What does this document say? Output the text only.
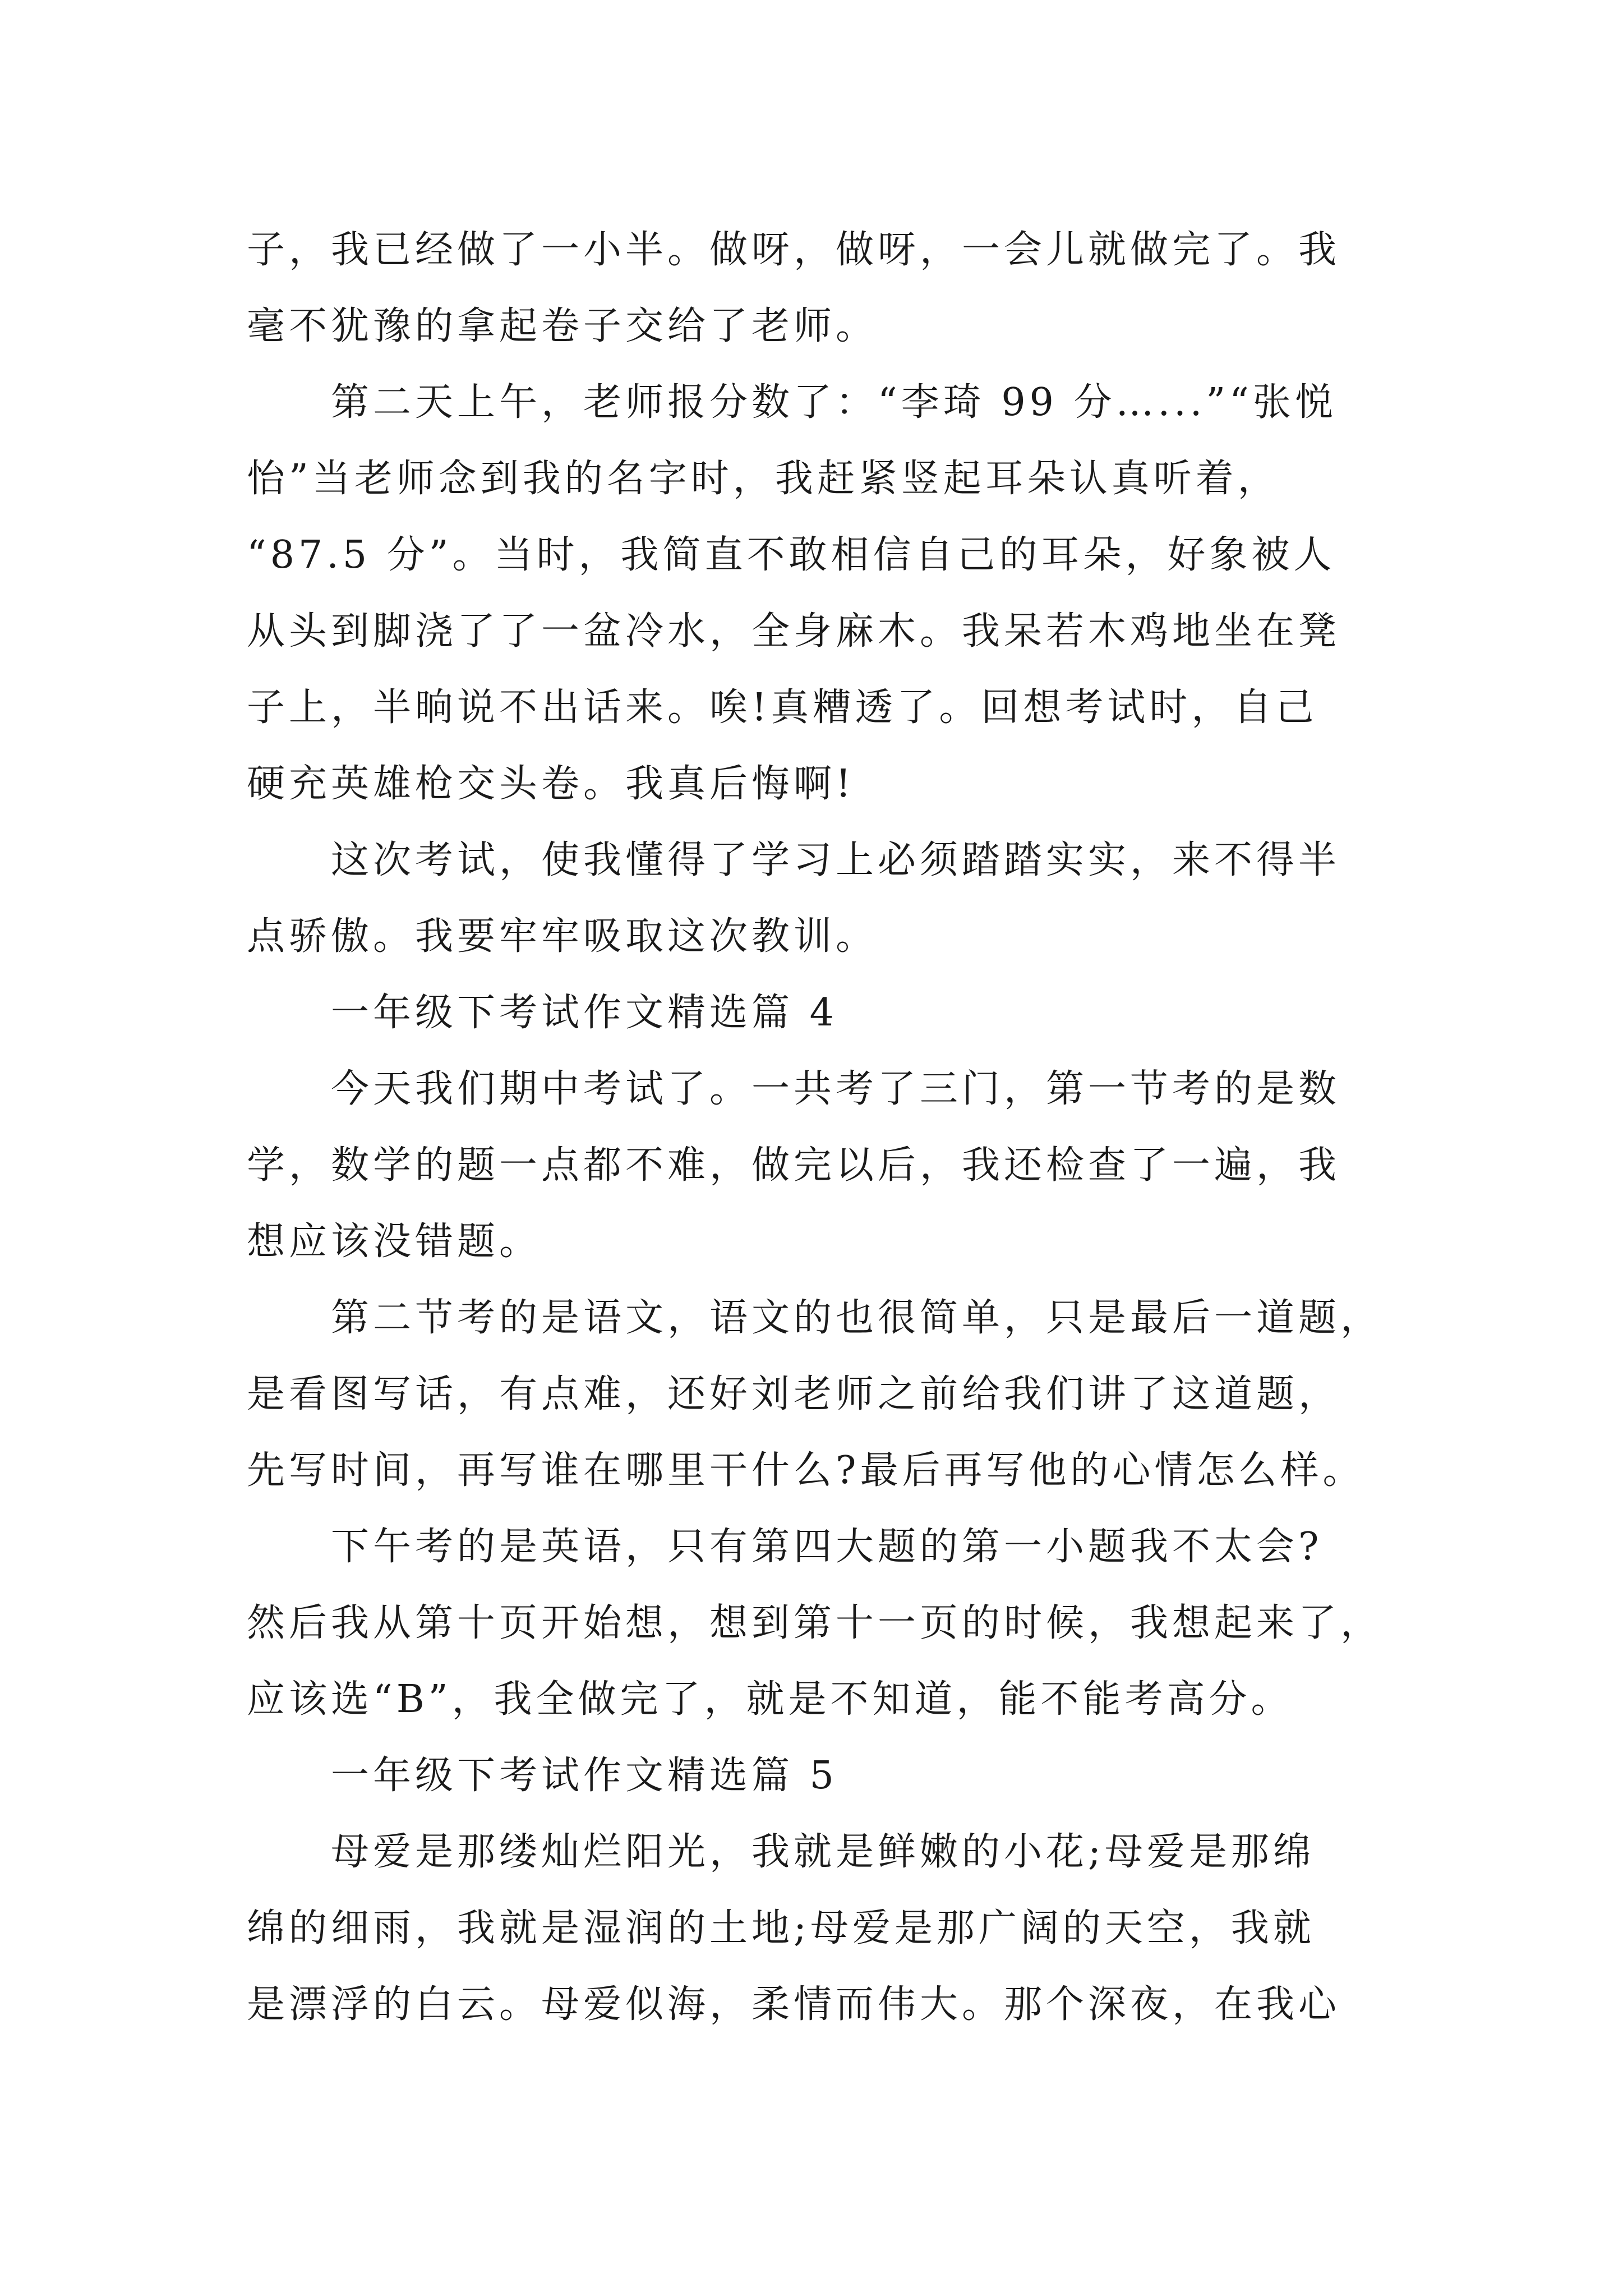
子，我已经做了一小半。做呀，做呀，一会儿就做完了。我
毫不犹豫的拿起卷子交给了老师。
第二天上午，老师报分数了：“李琦 99 分…...”“张悦
怡”当老师念到我的名字时，我赶紧竖起耳朵认真听着，
“87.5 分”。当时，我简直不敢相信自己的耳朵，好象被人
从头到脚浇了了一盆冷水，全身麻木。我呆若木鸡地坐在凳
子上，半晌说不出话来。唉!真糟透了。回想考试时，自己
硬充英雄枪交头卷。我真后悔啊!
这次考试，使我懂得了学习上必须踏踏实实，来不得半
点骄傲。我要牢牢吸取这次教训。
一年级下考试作文精选篇 4
今天我们期中考试了。一共考了三门，第一节考的是数
学，数学的题一点都不难，做完以后，我还检查了一遍，我
想应该没错题。
第二节考的是语文，语文的也很简单，只是最后一道题，
是看图写话，有点难，还好刘老师之前给我们讲了这道题，
先写时间，再写谁在哪里干什么?最后再写他的心情怎么样。
下午考的是英语，只有第四大题的第一小题我不太会?
然后我从第十页开始想，想到第十一页的时候，我想起来了，
应该选“B”，我全做完了，就是不知道，能不能考高分。
一年级下考试作文精选篇 5
母爱是那缕灿烂阳光，我就是鲜嫩的小花;母爱是那绵
绵的细雨，我就是湿润的土地;母爱是那广阔的天空，我就
是漂浮的白云。母爱似海，柔情而伟大。那个深夜，在我心
